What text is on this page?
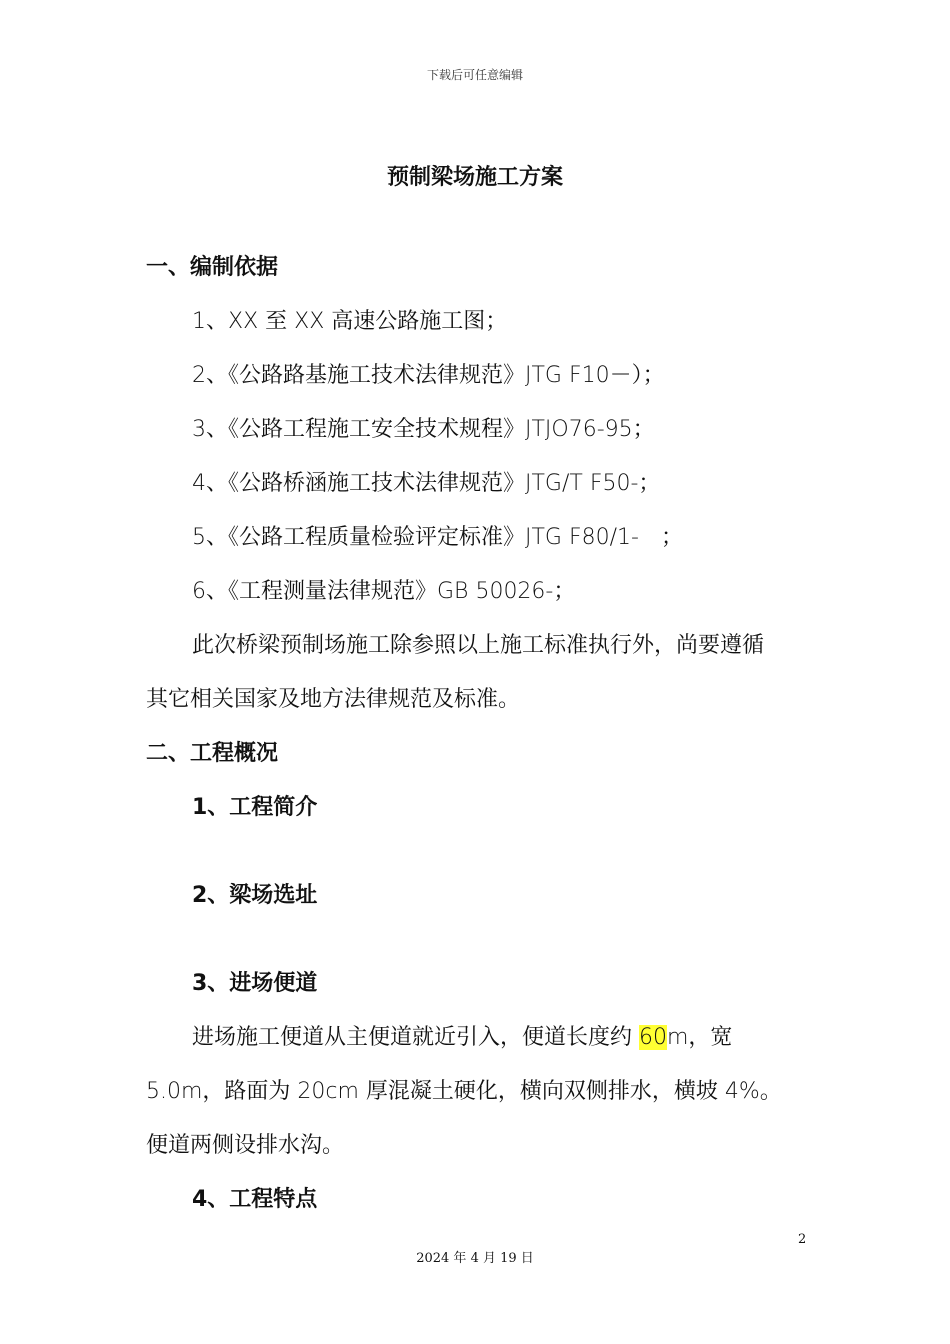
下载后可任意编辑
预制梁场施工方案
一、编制依据
1、XX 至 XX 高速公路施工图；
2、《公路路基施工技术法律规范》JTG F10－）；
3、《公路工程施工安全技术规程》JTJO76-95；
4、《公路桥涵施工技术法律规范》JTG/T F50-；
5、《公路工程质量检验评定标准》JTG F80/1-　；
6、《工程测量法律规范》GB 50026-；
此次桥梁预制场施工除参照以上施工标准执行外，尚要遵循
其它相关国家及地方法律规范及标准。
二、工程概况
1、工程简介
2、梁场选址
3、进场便道
进场施工便道从主便道就近引入，便道长度约 60m，宽
5.0m，路面为 20cm 厚混凝土硬化，横向双侧排水，横坡 4%。
便道两侧设排水沟。
4、工程特点
2
2024 年 4 月 19 日
